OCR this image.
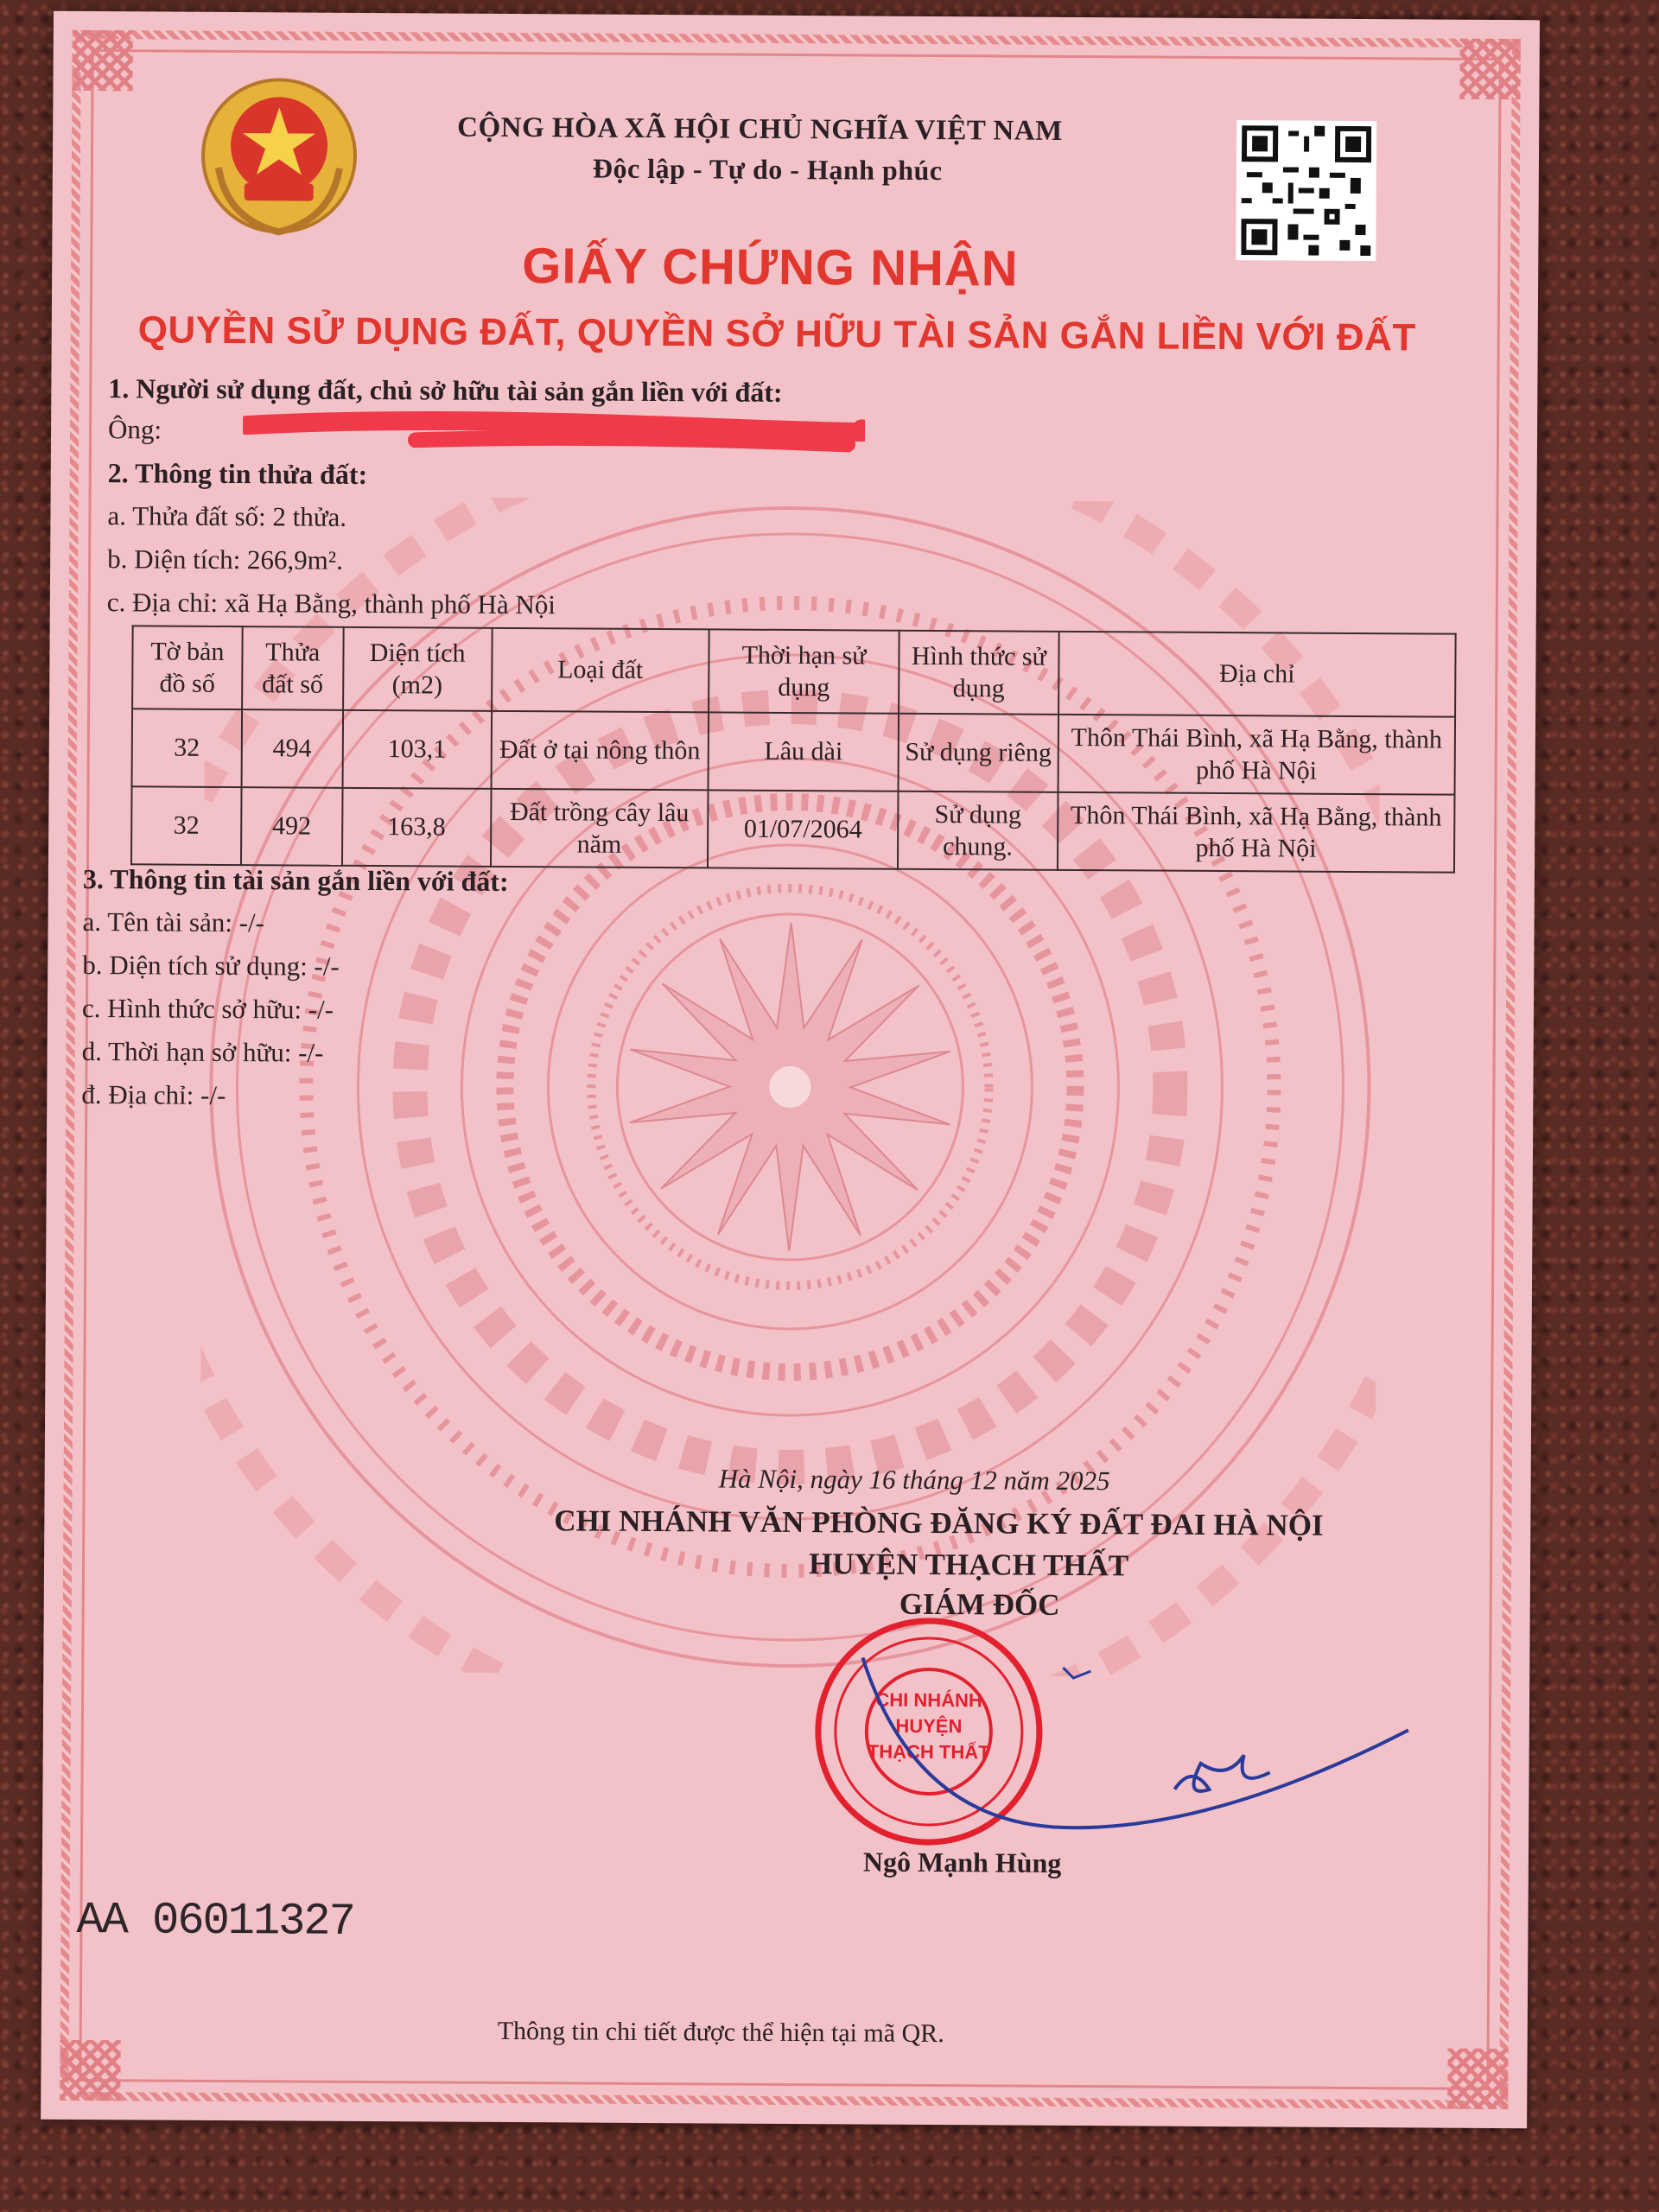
CỘNG HÒA XÃ HỘI CHỦ NGHĨA VIỆT NAM
Độc lập - Tự do - Hạnh phúc
GIẤY CHỨNG NHẬN
QUYỀN SỬ DỤNG ĐẤT, QUYỀN SỞ HỮU TÀI SẢN GẮN LIỀN VỚI ĐẤT
1. Người sử dụng đất, chủ sở hữu tài sản gắn liền với đất:
Ông:
2. Thông tin thửa đất:
a. Thửa đất số: 2 thửa.
b. Diện tích: 266,9m².
c. Địa chỉ: xã Hạ Bằng, thành phố Hà Nội
Tờ bản đồ số	Thửa đất số	Diện tích (m2)	Loại đất	Thời hạn sử dụng	Hình thức sử dụng	Địa chỉ
32	494	103,1	Đất ở tại nông thôn	Lâu dài	Sử dụng riêng	Thôn Thái Bình, xã Hạ Bằng, thành phố Hà Nội
32	492	163,8	Đất trồng cây lâu năm	01/07/2064	Sử dụng chung.	Thôn Thái Bình, xã Hạ Bằng, thành phố Hà Nội
3. Thông tin tài sản gắn liền với đất:
a. Tên tài sản: -/-
b. Diện tích sử dụng: -/-
c. Hình thức sở hữu: -/-
d. Thời hạn sở hữu: -/-
đ. Địa chỉ: -/-
Hà Nội, ngày 16 tháng 12 năm 2025
CHI NHÁNH VĂN PHÒNG ĐĂNG KÝ ĐẤT ĐAI HÀ NỘI
HUYỆN THẠCH THẤT
GIÁM ĐỐC
CHI NHÁNH
HUYỆN
THẠCH THẤT
Ngô Mạnh Hùng
AA 06011327
Thông tin chi tiết được thể hiện tại mã QR.
